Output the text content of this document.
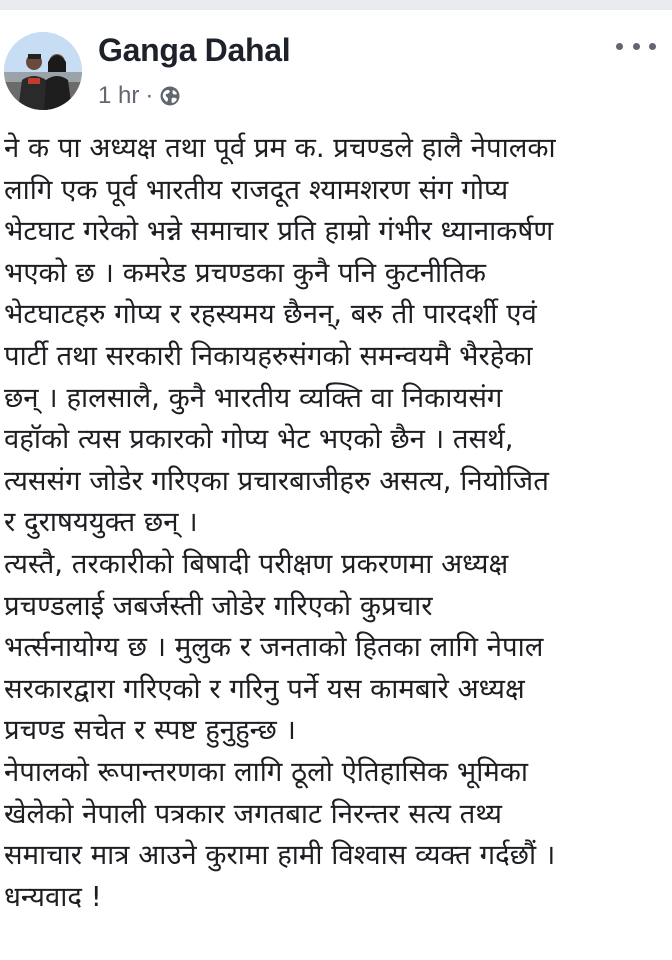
Ganga Dahal
1 hr ·
ने क पा अध्यक्ष तथा पूर्व प्रम क. प्रचण्डले हालै नेपालका
लागि एक पूर्व भारतीय राजदूत श्यामशरण संग गोप्य
भेटघाट गरेको भन्ने समाचार प्रति हाम्रो गंभीर ध्यानाकर्षण
भएको छ । कमरेड प्रचण्डका कुनै पनि कुटनीतिक
भेटघाटहरु गोप्य र रहस्यमय छैनन्, बरु ती पारदर्शी एवं
पार्टी तथा सरकारी निकायहरुसंगको समन्वयमै भैरहेका
छन् । हालसालै, कुनै भारतीय व्यक्ति वा निकायसंग
वहॉको त्यस प्रकारको गोप्य भेट भएको छैन । तसर्थ,
त्यससंग जोडेर गरिएका प्रचारबाजीहरु असत्य, नियोजित
र दुराषययुक्त छन् ।
त्यस्तै, तरकारीको बिषादी परीक्षण प्रकरणमा अध्यक्ष
प्रचण्डलाई जबर्जस्ती जोडेर गरिएको कुप्रचार
भर्त्सनायोग्य छ । मुलुक र जनताको हितका लागि नेपाल
सरकारद्वारा गरिएको र गरिनु पर्ने यस कामबारे अध्यक्ष
प्रचण्ड सचेत र स्पष्ट हुनुहुन्छ ।
नेपालको रूपान्तरणका लागि ठूलो ऐतिहासिक भूमिका
खेलेको नेपाली पत्रकार जगतबाट निरन्तर सत्य तथ्य
समाचार मात्र आउने कुरामा हामी विश्वास व्यक्त गर्दछौं ।
धन्यवाद !
